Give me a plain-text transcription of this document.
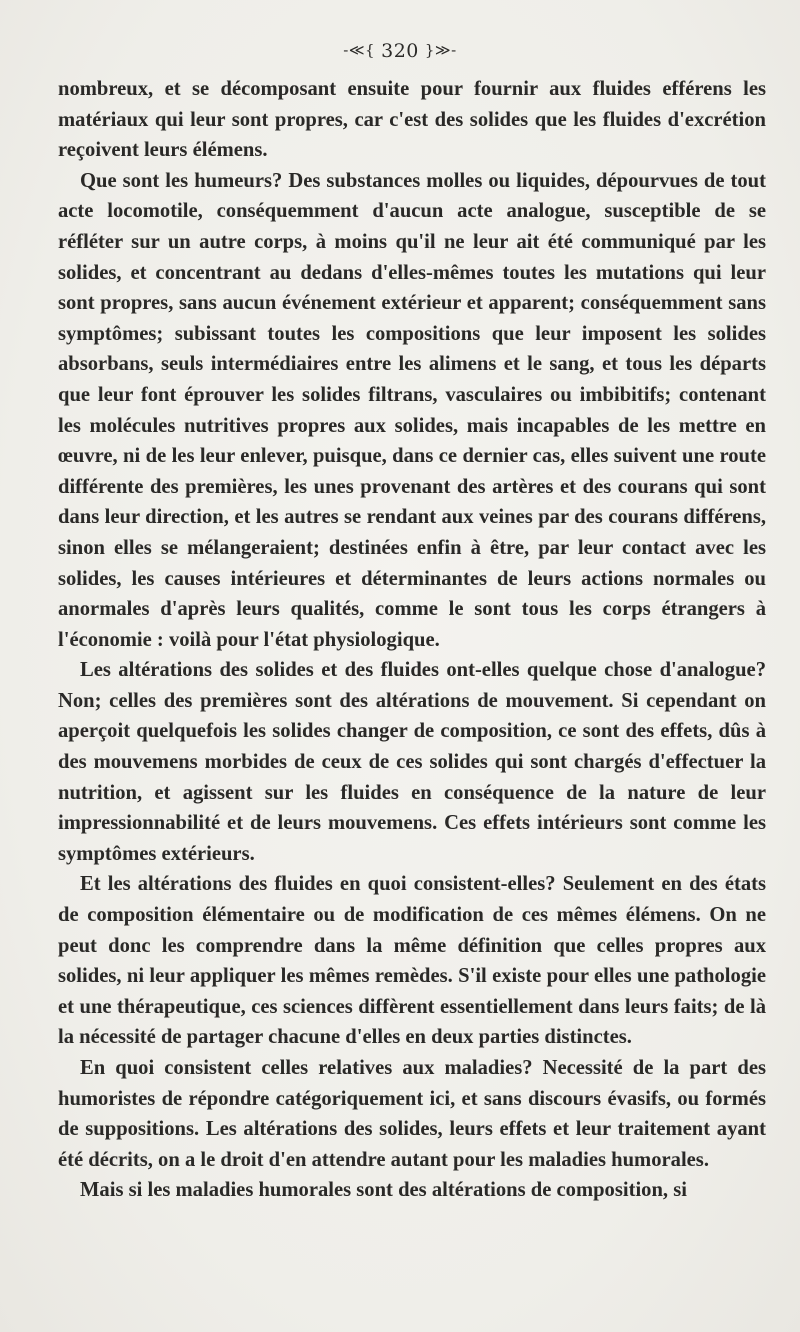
-≪{ 320 }≫-

nombreux, et se décomposant ensuite pour fournir aux fluides efférens les matériaux qui leur sont propres, car c'est des solides que les fluides d'excrétion reçoivent leurs élémens.

Que sont les humeurs? Des substances molles ou liquides, dépourvues de tout acte locomotile, conséquemment d'aucun acte analogue, susceptible de se réfléter sur un autre corps, à moins qu'il ne leur ait été communiqué par les solides, et concentrant au dedans d'elles-mêmes toutes les mutations qui leur sont propres, sans aucun événement extérieur et apparent; conséquemment sans symptômes; subissant toutes les compositions que leur imposent les solides absorbans, seuls intermédiaires entre les alimens et le sang, et tous les départs que leur font éprouver les solides filtrans, vasculaires ou imbibitifs; contenant les molécules nutritives propres aux solides, mais incapables de les mettre en œuvre, ni de les leur enlever, puisque, dans ce dernier cas, elles suivent une route différente des premières, les unes provenant des artères et des courans qui sont dans leur direction, et les autres se rendant aux veines par des courans différens, sinon elles se mélangeraient; destinées enfin à être, par leur contact avec les solides, les causes intérieures et déterminantes de leurs actions normales ou anormales d'après leurs qualités, comme le sont tous les corps étrangers à l'économie : voilà pour l'état physiologique.

Les altérations des solides et des fluides ont-elles quelque chose d'analogue? Non; celles des premières sont des altérations de mouvement. Si cependant on aperçoit quelquefois les solides changer de composition, ce sont des effets, dûs à des mouvemens morbides de ceux de ces solides qui sont chargés d'effectuer la nutrition, et agissent sur les fluides en conséquence de la nature de leur impressionnabilité et de leurs mouvemens. Ces effets intérieurs sont comme les symptômes extérieurs.

Et les altérations des fluides en quoi consistent-elles? Seulement en des états de composition élémentaire ou de modification de ces mêmes élémens. On ne peut donc les comprendre dans la même définition que celles propres aux solides, ni leur appliquer les mêmes remèdes. S'il existe pour elles une pathologie et une thérapeutique, ces sciences diffèrent essentiellement dans leurs faits; de là la nécessité de partager chacune d'elles en deux parties distinctes.

En quoi consistent celles relatives aux maladies? Necessité de la part des humoristes de répondre catégoriquement ici, et sans discours évasifs, ou formés de suppositions. Les altérations des solides, leurs effets et leur traitement ayant été décrits, on a le droit d'en attendre autant pour les maladies humorales.

Mais si les maladies humorales sont des altérations de composition, si
